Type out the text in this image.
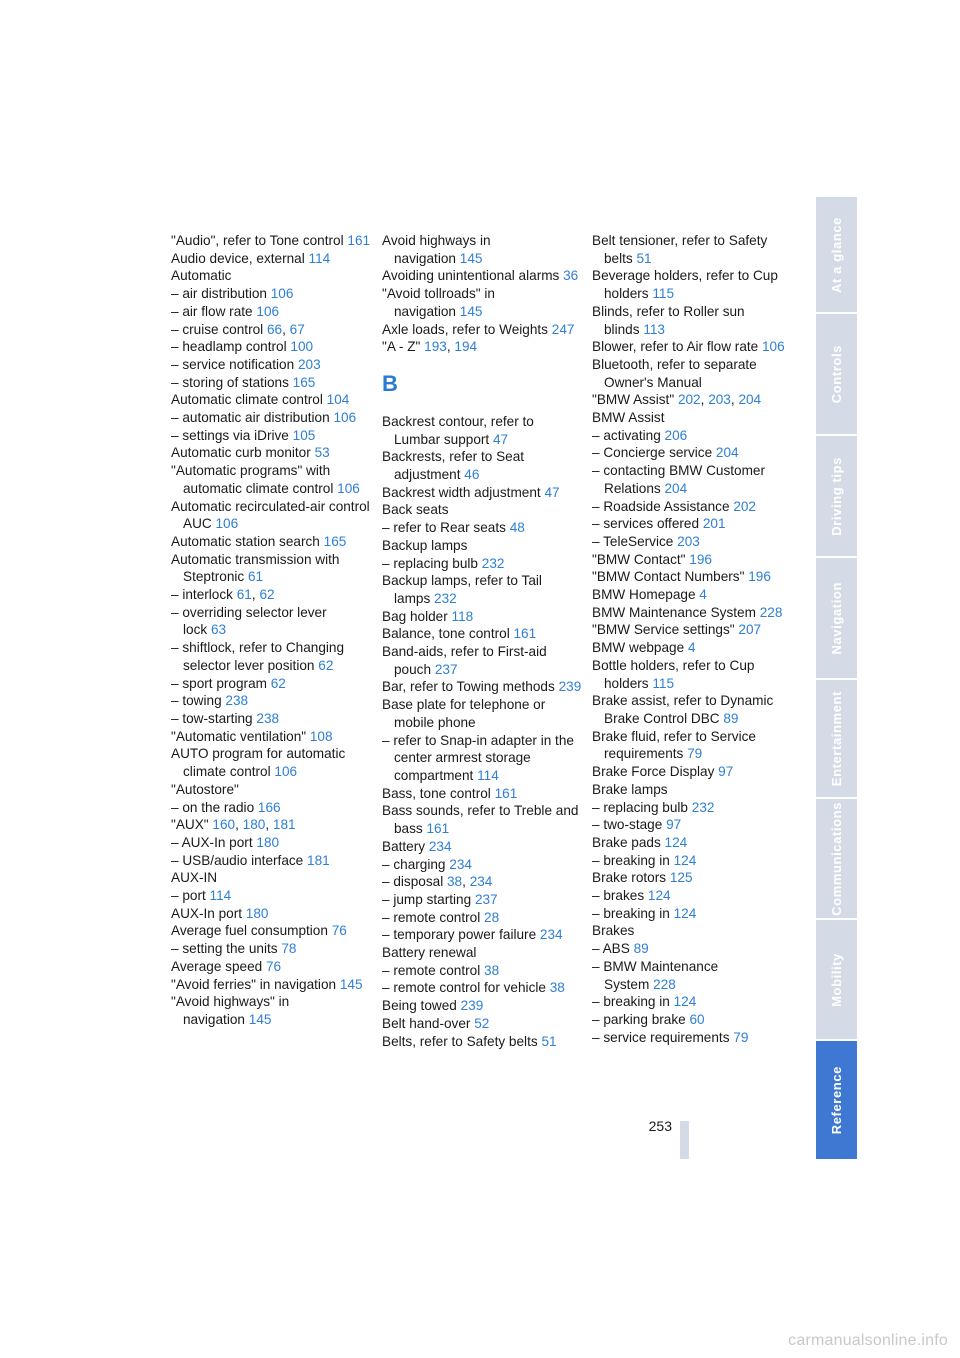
"Audio", refer to Tone control 161
Audio device, external 114
Automatic
– air distribution 106
– air flow rate 106
– cruise control 66, 67
– headlamp control 100
– service notification 203
– storing of stations 165
Automatic climate control 104
– automatic air distribution 106
– settings via iDrive 105
Automatic curb monitor 53
"Automatic programs" with automatic climate control 106
Automatic recirculated-air control AUC 106
Automatic station search 165
Automatic transmission with Steptronic 61
– interlock 61, 62
– overriding selector lever lock 63
– shiftlock, refer to Changing selector lever position 62
– sport program 62
– towing 238
– tow-starting 238
"Automatic ventilation" 108
AUTO program for automatic climate control 106
"Autostore"
– on the radio 166
"AUX" 160, 180, 181
– AUX-In port 180
– USB/audio interface 181
AUX-IN
– port 114
AUX-In port 180
Average fuel consumption 76
– setting the units 78
Average speed 76
"Avoid ferries" in navigation 145
"Avoid highways" in navigation 145
Avoid highways in navigation 145
Avoiding unintentional alarms 36
"Avoid tollroads" in navigation 145
Axle loads, refer to Weights 247
"A - Z" 193, 194
B
Backrest contour, refer to Lumbar support 47
Backrests, refer to Seat adjustment 46
Backrest width adjustment 47
Back seats
– refer to Rear seats 48
Backup lamps
– replacing bulb 232
Backup lamps, refer to Tail lamps 232
Bag holder 118
Balance, tone control 161
Band-aids, refer to First-aid pouch 237
Bar, refer to Towing methods 239
Base plate for telephone or mobile phone
– refer to Snap-in adapter in the center armrest storage compartment 114
Bass, tone control 161
Bass sounds, refer to Treble and bass 161
Battery 234
– charging 234
– disposal 38, 234
– jump starting 237
– remote control 28
– temporary power failure 234
Battery renewal
– remote control 38
– remote control for vehicle 38
Being towed 239
Belt hand-over 52
Belts, refer to Safety belts 51
Belt tensioner, refer to Safety belts 51
Beverage holders, refer to Cup holders 115
Blinds, refer to Roller sun blinds 113
Blower, refer to Air flow rate 106
Bluetooth, refer to separate Owner's Manual
"BMW Assist" 202, 203, 204
BMW Assist
– activating 206
– Concierge service 204
– contacting BMW Customer Relations 204
– Roadside Assistance 202
– services offered 201
– TeleService 203
"BMW Contact" 196
"BMW Contact Numbers" 196
BMW Homepage 4
BMW Maintenance System 228
"BMW Service settings" 207
BMW webpage 4
Bottle holders, refer to Cup holders 115
Brake assist, refer to Dynamic Brake Control DBC 89
Brake fluid, refer to Service requirements 79
Brake Force Display 97
Brake lamps
– replacing bulb 232
– two-stage 97
Brake pads 124
– breaking in 124
Brake rotors 125
– brakes 124
– breaking in 124
Brakes
– ABS 89
– BMW Maintenance System 228
– breaking in 124
– parking brake 60
– service requirements 79
At a glance
Controls
Driving tips
Navigation
Entertainment
Communications
Mobility
Reference
253
carmanualsonline.info
